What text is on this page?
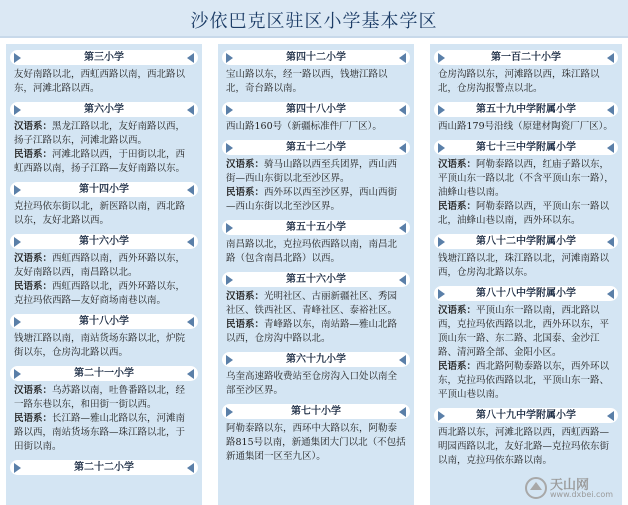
沙依巴克区驻区小学基本学区
第三小学
友好南路以北，西虹西路以南，西北路以东，河滩北路以西。
第六小学
汉语系：黑龙江路以北，友好南路以西，扬子江路以东，河滩北路以西。
民语系：河滩北路以西，于田街以北，西虹西路以南，扬子江路—友好南路以东。
第十四小学
克拉玛依东街以北，新医路以南，西北路以东，友好北路以西。
第十六小学
汉语系：西虹西路以南，西外环路以东，友好南路以西，南昌路以北。
民语系：西虹西路以北，西外环路以东，克拉玛依西路—友好商场南巷以南。
第十八小学
钱塘江路以南，南站货场东路以北，炉院街以东，仓房沟北路以西。
第二十一小学
汉语系：乌苏路以南，吐鲁番路以北，经一路东巷以东，和田街一街以西。
民语系：长江路—雅山北路以东，河滩南路以西，南站货场东路—珠江路以北，于田街以南。
第二十二小学
第四十二小学
宝山路以东，经一路以西，钱塘江路以北，奇台路以南。
第四十八小学
西山路160号（新疆标准件厂厂区）。
第五十二小学
汉语系：骑马山路以西至兵团界，西山西街—西山东街以北至沙区界。
民语系：西外环以西至沙区界，西山西街—西山东街以北至沙区界。
第五十五小学
南昌路以北，克拉玛依西路以南，南昌北路（包含南昌北路）以西。
第五十六小学
汉语系：光明社区、古丽新疆社区、秀园社区、铁西社区、青峰社区、泰裕社区。
民语系：青峰路以东，南站路—雅山北路以西，仓房沟中路以北。
第六十九小学
乌奎高速路收费站至仓房沟入口处以南全部至沙区界。
第七十小学
阿勒泰路以东，西环中大路以东，阿勒泰路815号以南，新通集团大门以北（不包括新通集团一区至九区）。
第一百二十小学
仓房沟路以东，河滩路以西，珠江路以北，仓房沟报警点以北。
第五十九中学附属小学
西山路179号沿线（原建材陶瓷厂厂区）。
第七十三中学附属小学
汉语系：阿勒泰路以西，红庙子路以东，平顶山东一路以北（不含平顶山东一路），油蜂山巷以南。
民语系：阿勒泰路以西，平顶山东一路以北，油蜂山巷以南，西外环以东。
第八十二中学附属小学
钱塘江路以北，珠江路以北，河滩南路以西，仓房沟北路以东。
第八十八中学附属小学
汉语系：平顶山东一路以南，西北路以西，克拉玛依西路以北，西外环以东，平顶山东一路、东二路、北国泰、金沙江路、清河路全部、金阳小区。
民语系：西北路阿勒泰路以东，西外环以东，克拉玛依西路以北，平顶山东一路、平顶山巷以南。
第八十九中学附属小学
西北路以东，河滩北路以西，西虹西路—明园西路以北，友好北路—克拉玛依东街以南，克拉玛依东路以南。
天山网
www.dxbei.com
